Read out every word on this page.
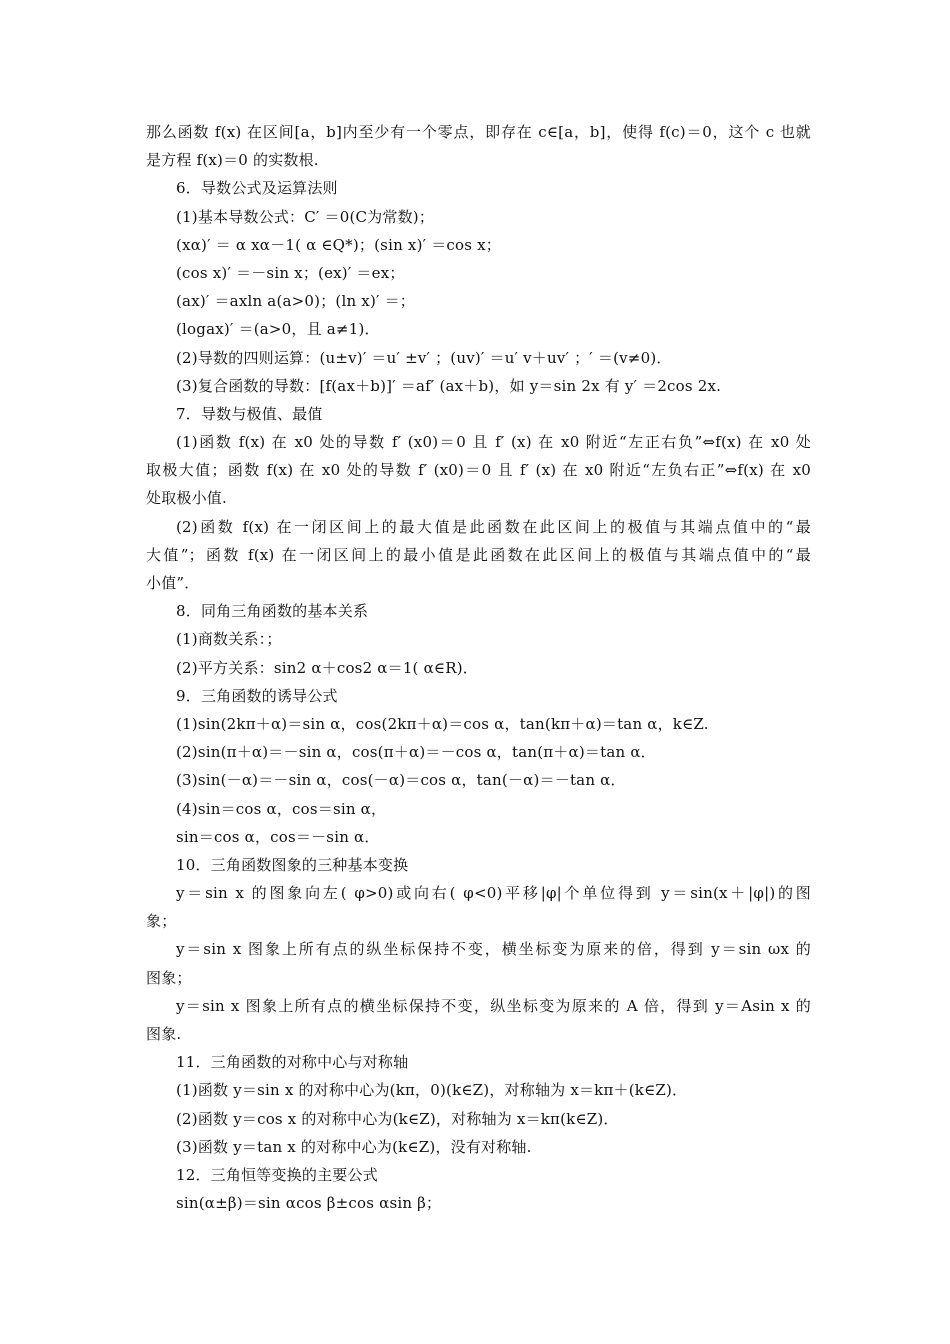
那么函数 f(x) 在区间[a，b]内至少有一个零点，即存在 c∈[a，b]，使得 f(c)＝0，这个 c 也就
是方程 f(x)＝0 的实数根.
6．导数公式及运算法则
(1)基本导数公式：C′ ＝0(C为常数)；
(xα)′ ＝ α xα－1( α ∈Q*)；(sin x)′ ＝cos x；
(cos x)′ ＝－sin x；(ex)′ ＝ex；
(ax)′ ＝axln a(a>0)；(ln x)′ ＝；
(logax)′ ＝(a>0，且 a≠1)．
(2)导数的四则运算：(u±v)′ ＝u′ ±v′ ；(uv)′ ＝u′ v＋uv′ ；′ ＝(v≠0)．
(3)复合函数的导数：[f(ax＋b)]′ ＝af′ (ax＋b)，如 y＝sin 2x 有 y′ ＝2cos 2x.
7．导数与极值、最值
(1)函数 f(x) 在 x0 处的导数 f′ (x0)＝0 且 f′ (x) 在 x0 附近“左正右负”⇔f(x) 在 x0 处
取极大值；函数 f(x) 在 x0 处的导数 f′ (x0)＝0 且 f′ (x) 在 x0 附近“左负右正”⇔f(x) 在 x0
处取极小值.
(2)函数 f(x) 在一闭区间上的最大值是此函数在此区间上的极值与其端点值中的“最
大值”；函数 f(x) 在一闭区间上的最小值是此函数在此区间上的极值与其端点值中的“最
小值”．
8．同角三角函数的基本关系
(1)商数关系：；
(2)平方关系：sin2 α＋cos2 α＝1( α∈R)．
9．三角函数的诱导公式
(1)sin(2kπ＋α)＝sin α，cos(2kπ＋α)＝cos α，tan(kπ＋α)＝tan α，k∈Z.
(2)sin(π＋α)＝－sin α，cos(π＋α)＝－cos α，tan(π＋α)＝tan α．
(3)sin(－α)＝－sin α，cos(－α)＝cos α，tan(－α)＝－tan α．
(4)sin＝cos α，cos＝sin α，
sin＝cos α，cos＝－sin α．
10．三角函数图象的三种基本变换
y＝sin x 的图象向左( φ>0)或向右( φ<0)平移|φ|个单位得到 y＝sin(x＋|φ|)的图
象；
y＝sin x 图象上所有点的纵坐标保持不变，横坐标变为原来的倍，得到 y＝sin ωx 的
图象；
y＝sin x 图象上所有点的横坐标保持不变，纵坐标变为原来的 A 倍，得到 y＝Asin x 的
图象.
11．三角函数的对称中心与对称轴
(1)函数 y＝sin x 的对称中心为(kπ，0)(k∈Z)，对称轴为 x＝kπ＋(k∈Z)．
(2)函数 y＝cos x 的对称中心为(k∈Z)，对称轴为 x＝kπ(k∈Z)．
(3)函数 y＝tan x 的对称中心为(k∈Z)，没有对称轴.
12．三角恒等变换的主要公式
sin(α±β)＝sin αcos β±cos αsin β；
